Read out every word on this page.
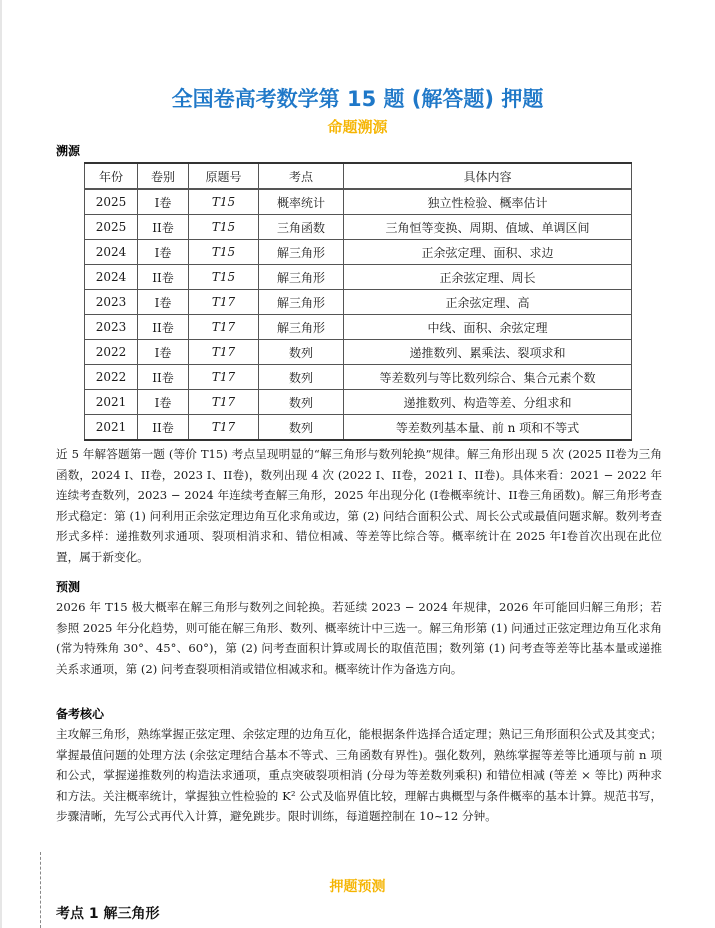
全国卷高考数学第 15 题 (解答题) 押题
命题溯源
溯源
年份	卷别	原题号	考点	具体内容
2025	I卷	T15	概率统计	独立性检验、概率估计
2025	II卷	T15	三角函数	三角恒等变换、周期、值域、单调区间
2024	I卷	T15	解三角形	正余弦定理、面积、求边
2024	II卷	T15	解三角形	正余弦定理、周长
2023	I卷	T17	解三角形	正余弦定理、高
2023	II卷	T17	解三角形	中线、面积、余弦定理
2022	I卷	T17	数列	递推数列、累乘法、裂项求和
2022	II卷	T17	数列	等差数列与等比数列综合、集合元素个数
2021	I卷	T17	数列	递推数列、构造等差、分组求和
2021	II卷	T17	数列	等差数列基本量、前 n 项和不等式
近 5 年解答题第一题 (等价 T15) 考点呈现明显的“解三角形与数列轮换”规律。解三角形出现 5 次 (2025 II卷为三角函数，2024 I、II卷，2023 I、II卷)，数列出现 4 次 (2022 I、II卷，2021 I、II卷)。具体来看：2021 − 2022 年连续考查数列，2023 − 2024 年连续考查解三角形，2025 年出现分化 (I卷概率统计、II卷三角函数)。解三角形考查形式稳定：第 (1) 问利用正余弦定理边角互化求角或边，第 (2) 问结合面积公式、周长公式或最值问题求解。数列考查形式多样：递推数列求通项、裂项相消求和、错位相减、等差等比综合等。概率统计在 2025 年I卷首次出现在此位置，属于新变化。
预测
2026 年 T15 极大概率在解三角形与数列之间轮换。若延续 2023 − 2024 年规律，2026 年可能回归解三角形；若参照 2025 年分化趋势，则可能在解三角形、数列、概率统计中三选一。解三角形第 (1) 问通过正弦定理边角互化求角 (常为特殊角 30°、45°、60°)，第 (2) 问考查面积计算或周长的取值范围；数列第 (1) 问考查等差等比基本量或递推关系求通项，第 (2) 问考查裂项相消或错位相减求和。概率统计作为备选方向。
备考核心
主攻解三角形，熟练掌握正弦定理、余弦定理的边角互化，能根据条件选择合适定理；熟记三角形面积公式及其变式；掌握最值问题的处理方法 (余弦定理结合基本不等式、三角函数有界性)。强化数列，熟练掌握等差等比通项与前 n 项和公式，掌握递推数列的构造法求通项，重点突破裂项相消 (分母为等差数列乘积) 和错位相减 (等差 × 等比) 两种求和方法。关注概率统计，掌握独立性检验的 K² 公式及临界值比较，理解古典概型与条件概率的基本计算。规范书写，步骤清晰，先写公式再代入计算，避免跳步。限时训练，每道题控制在 10~12 分钟。
押题预测
考点 1 解三角形
